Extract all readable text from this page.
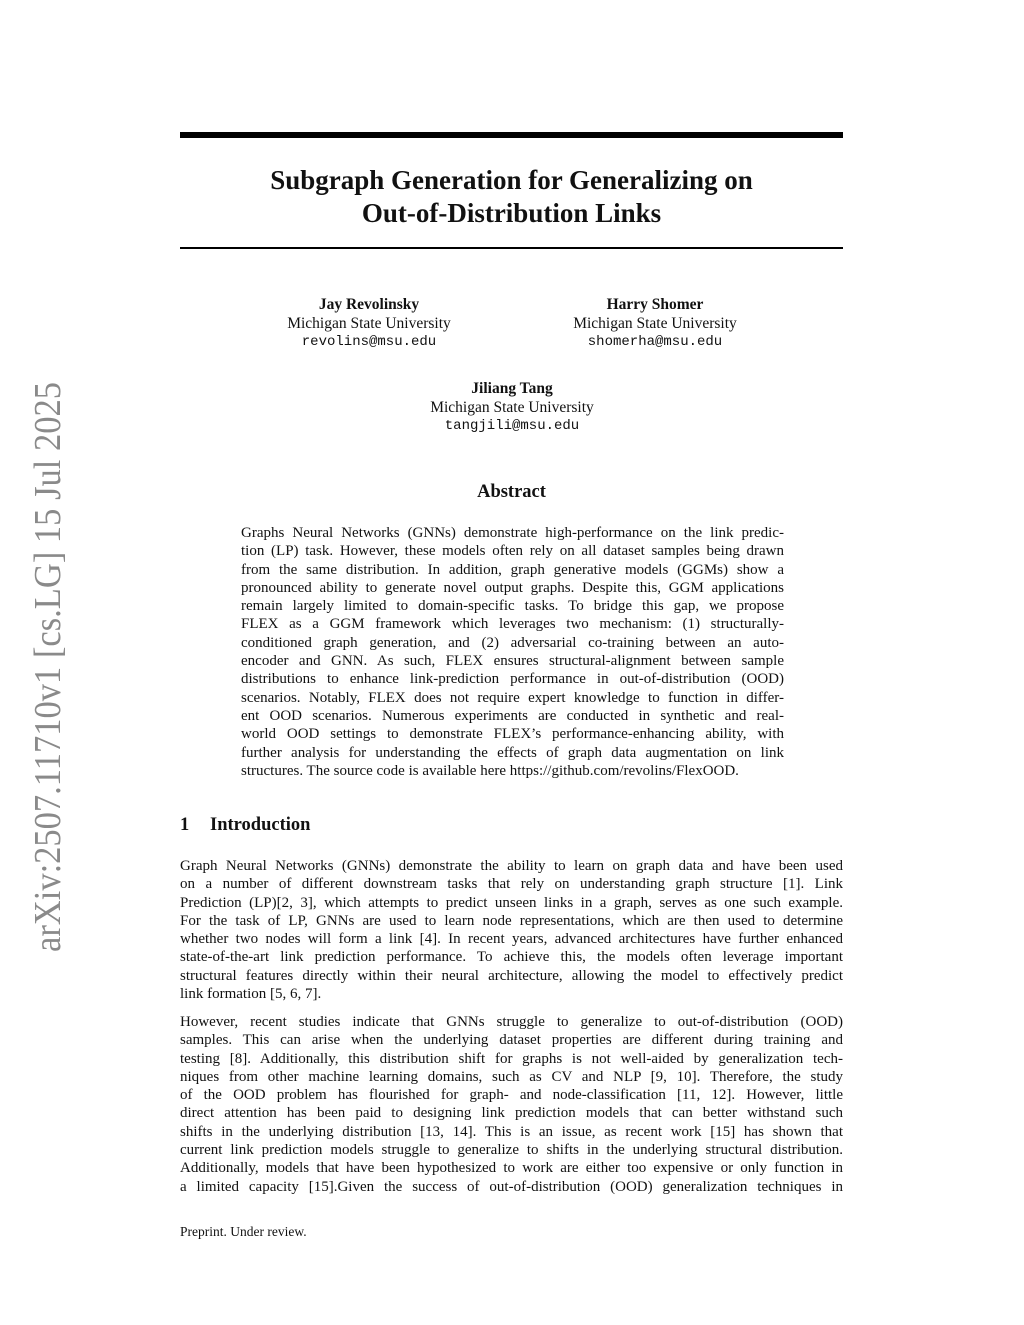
arXiv:2507.11710v1 [cs.LG] 15 Jul 2025
Subgraph Generation for Generalizing on
Out-of-Distribution Links
Jay Revolinsky
Michigan State University
revolins@msu.edu
Harry Shomer
Michigan State University
shomerha@msu.edu
Jiliang Tang
Michigan State University
tangjili@msu.edu
Abstract
Graphs Neural Networks (GNNs) demonstrate high-performance on the link predic-
tion (LP) task. However, these models often rely on all dataset samples being drawn
from the same distribution. In addition, graph generative models (GGMs) show a
pronounced ability to generate novel output graphs. Despite this, GGM applications
remain largely limited to domain-specific tasks. To bridge this gap, we propose
FLEX as a GGM framework which leverages two mechanism: (1) structurally-
conditioned graph generation, and (2) adversarial co-training between an auto-
encoder and GNN. As such, FLEX ensures structural-alignment between sample
distributions to enhance link-prediction performance in out-of-distribution (OOD)
scenarios. Notably, FLEX does not require expert knowledge to function in differ-
ent OOD scenarios. Numerous experiments are conducted in synthetic and real-
world OOD settings to demonstrate FLEX’s performance-enhancing ability, with
further analysis for understanding the effects of graph data augmentation on link
structures. The source code is available here https://github.com/revolins/FlexOOD.
1 Introduction
Graph Neural Networks (GNNs) demonstrate the ability to learn on graph data and have been used
on a number of different downstream tasks that rely on understanding graph structure [1]. Link
Prediction (LP)[2, 3], which attempts to predict unseen links in a graph, serves as one such example.
For the task of LP, GNNs are used to learn node representations, which are then used to determine
whether two nodes will form a link [4]. In recent years, advanced architectures have further enhanced
state-of-the-art link prediction performance. To achieve this, the models often leverage important
structural features directly within their neural architecture, allowing the model to effectively predict
link formation [5, 6, 7].
However, recent studies indicate that GNNs struggle to generalize to out-of-distribution (OOD)
samples. This can arise when the underlying dataset properties are different during training and
testing [8]. Additionally, this distribution shift for graphs is not well-aided by generalization tech-
niques from other machine learning domains, such as CV and NLP [9, 10]. Therefore, the study
of the OOD problem has flourished for graph- and node-classification [11, 12]. However, little
direct attention has been paid to designing link prediction models that can better withstand such
shifts in the underlying distribution [13, 14]. This is an issue, as recent work [15] has shown that
current link prediction models struggle to generalize to shifts in the underlying structural distribution.
Additionally, models that have been hypothesized to work are either too expensive or only function in
a limited capacity [15].Given the success of out-of-distribution (OOD) generalization techniques in
Preprint. Under review.
